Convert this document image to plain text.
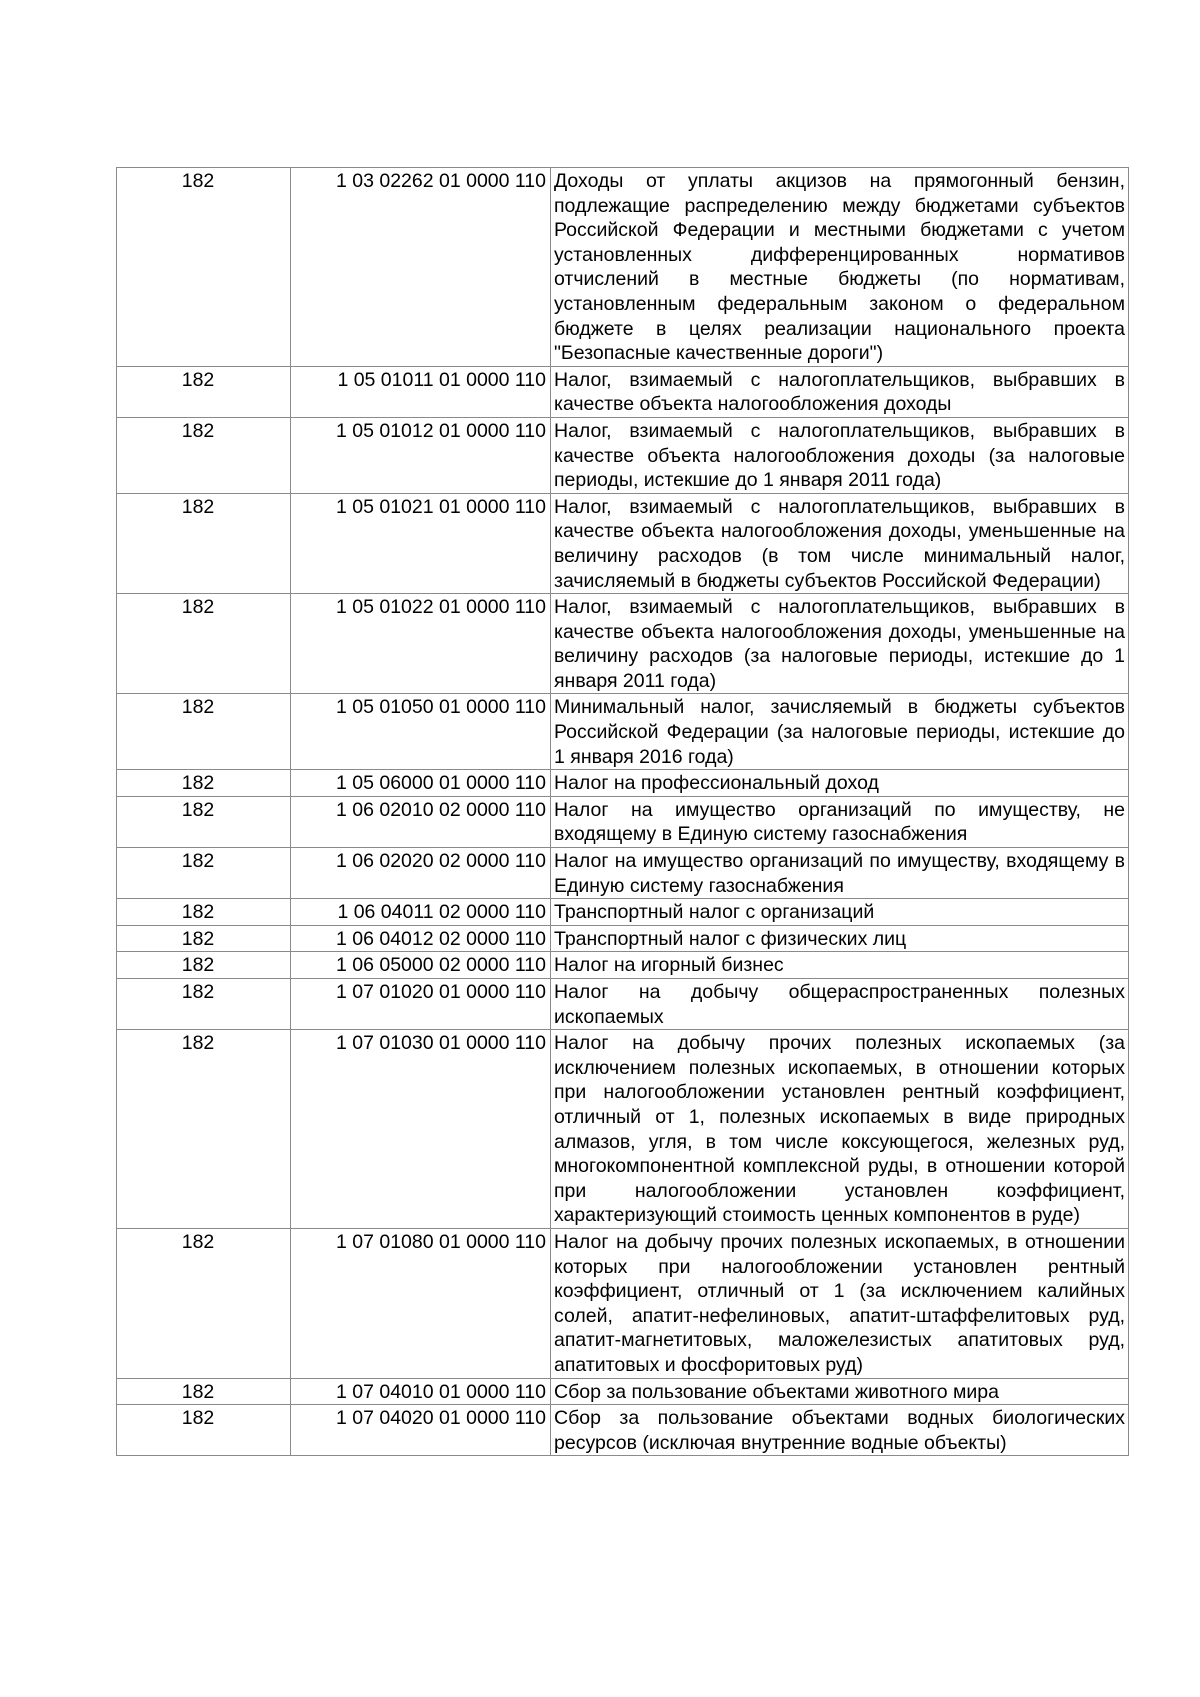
182	1 03 02262 01 0000 110	Доходы от уплаты акцизов на прямогонный бензин, подлежащие распределению между бюджетами субъектов Российской Федерации и местными бюджетами с учетом установленных дифференцированных нормативов отчислений в местные бюджеты (по нормативам, установленным федеральным законом о федеральном бюджете в целях реализации национального проекта "Безопасные качественные дороги")
182	1 05 01011 01 0000 110	Налог, взимаемый с налогоплательщиков, выбравших в качестве объекта налогообложения доходы
182	1 05 01012 01 0000 110	Налог, взимаемый с налогоплательщиков, выбравших в качестве объекта налогообложения доходы (за налоговые периоды, истекшие до 1 января 2011 года)
182	1 05 01021 01 0000 110	Налог, взимаемый с налогоплательщиков, выбравших в качестве объекта налогообложения доходы, уменьшенные на величину расходов (в том числе минимальный налог, зачисляемый в бюджеты субъектов Российской Федерации)
182	1 05 01022 01 0000 110	Налог, взимаемый с налогоплательщиков, выбравших в качестве объекта налогообложения доходы, уменьшенные на величину расходов (за налоговые периоды, истекшие до 1 января 2011 года)
182	1 05 01050 01 0000 110	Минимальный налог, зачисляемый в бюджеты субъектов Российской Федерации (за налоговые периоды, истекшие до 1 января 2016 года)
182	1 05 06000 01 0000 110	Налог на профессиональный доход
182	1 06 02010 02 0000 110	Налог на имущество организаций по имуществу, не входящему в Единую систему газоснабжения
182	1 06 02020 02 0000 110	Налог на имущество организаций по имуществу, входящему в Единую систему газоснабжения
182	1 06 04011 02 0000 110	Транспортный налог с организаций
182	1 06 04012 02 0000 110	Транспортный налог с физических лиц
182	1 06 05000 02 0000 110	Налог на игорный бизнес
182	1 07 01020 01 0000 110	Налог на добычу общераспространенных полезных ископаемых
182	1 07 01030 01 0000 110	Налог на добычу прочих полезных ископаемых (за исключением полезных ископаемых, в отношении которых при налогообложении установлен рентный коэффициент, отличный от 1, полезных ископаемых в виде природных алмазов, угля, в том числе коксующегося, железных руд, многокомпонентной комплексной руды, в отношении которой при налогообложении установлен коэффициент, характеризующий стоимость ценных компонентов в руде)
182	1 07 01080 01 0000 110	Налог на добычу прочих полезных ископаемых, в отношении которых при налогообложении установлен рентный коэффициент, отличный от 1 (за исключением калийных солей, апатит-нефелиновых, апатит-штаффелитовых руд, апатит-магнетитовых, маложелезистых апатитовых руд, апатитовых и фосфоритовых руд)
182	1 07 04010 01 0000 110	Сбор за пользование объектами животного мира
182	1 07 04020 01 0000 110	Сбор за пользование объектами водных биологических ресурсов (исключая внутренние водные объекты)
